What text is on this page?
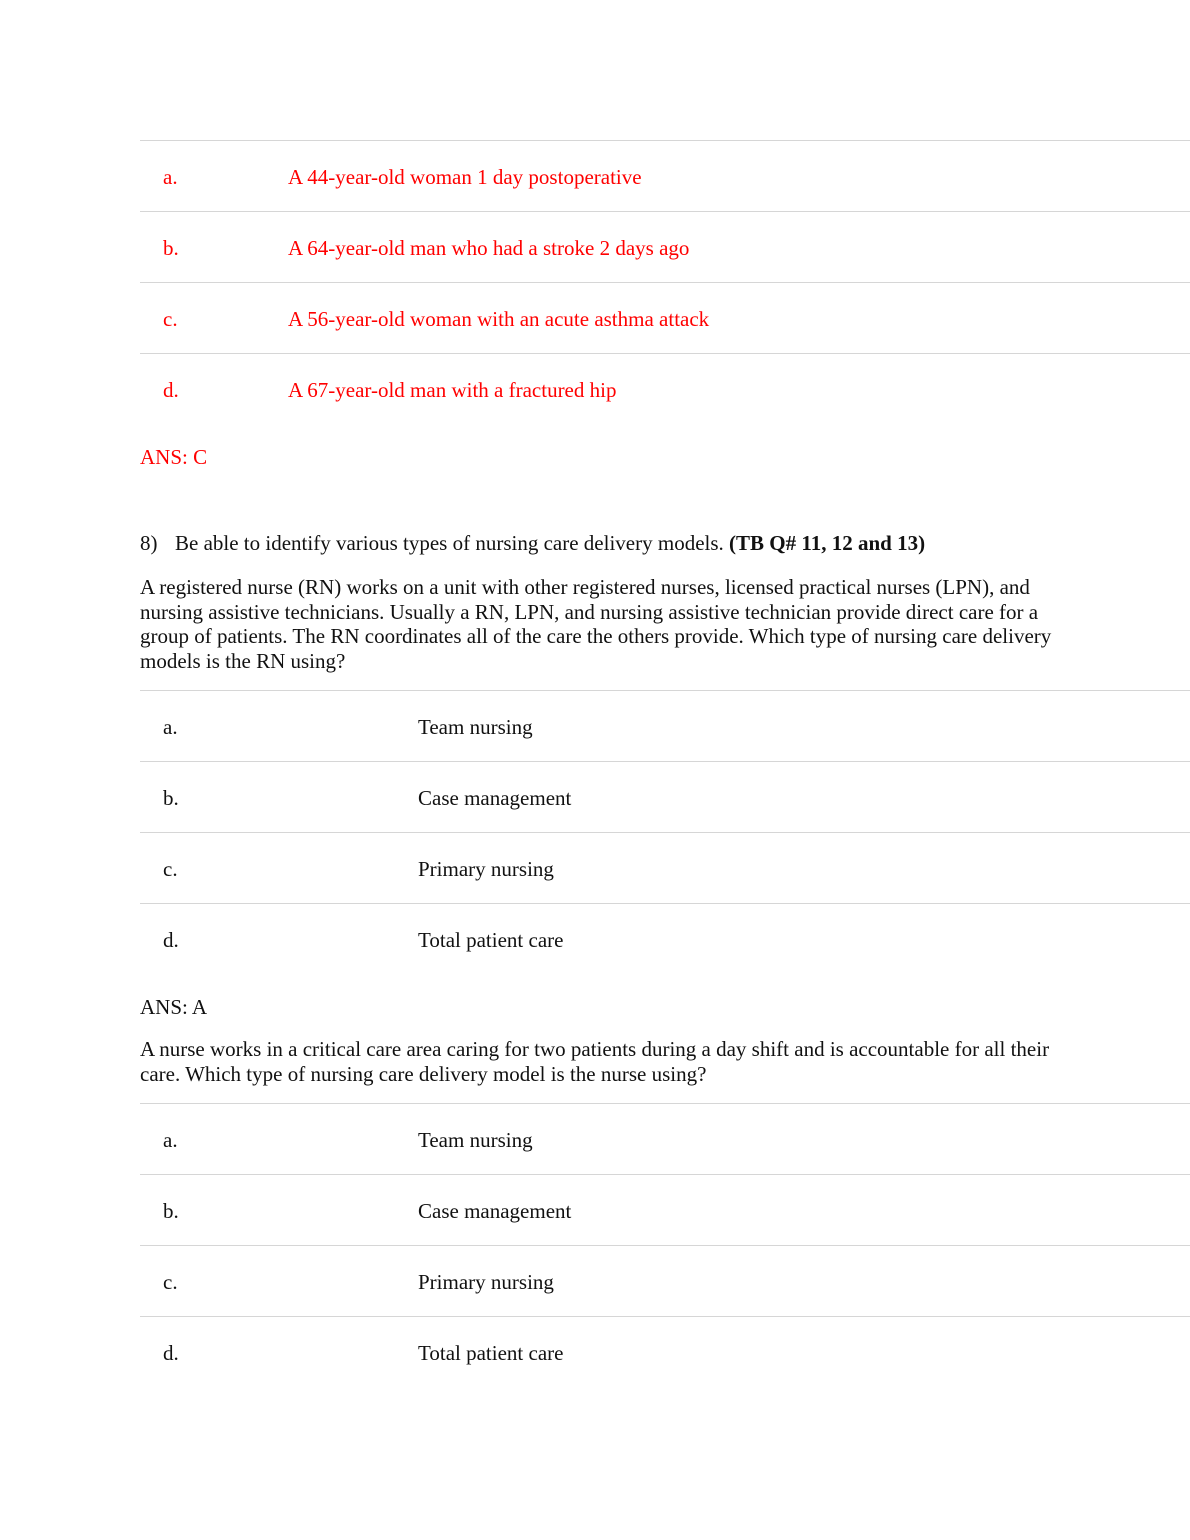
a.	A 44-year-old woman 1 day postoperative
b.	A 64-year-old man who had a stroke 2 days ago
c.	A 56-year-old woman with an acute asthma attack
d.	A 67-year-old man with a fractured hip
ANS: C
8) Be able to identify various types of nursing care delivery models. (TB Q# 11, 12 and 13)
A registered nurse (RN) works on a unit with other registered nurses, licensed practical nurses (LPN), and nursing assistive technicians. Usually a RN, LPN, and nursing assistive technician provide direct care for a group of patients. The RN coordinates all of the care the others provide. Which type of nursing care delivery models is the RN using?
a.	Team nursing
b.	Case management
c.	Primary nursing
d.	Total patient care
ANS: A
A nurse works in a critical care area caring for two patients during a day shift and is accountable for all their care. Which type of nursing care delivery model is the nurse using?
a.	Team nursing
b.	Case management
c.	Primary nursing
d.	Total patient care
